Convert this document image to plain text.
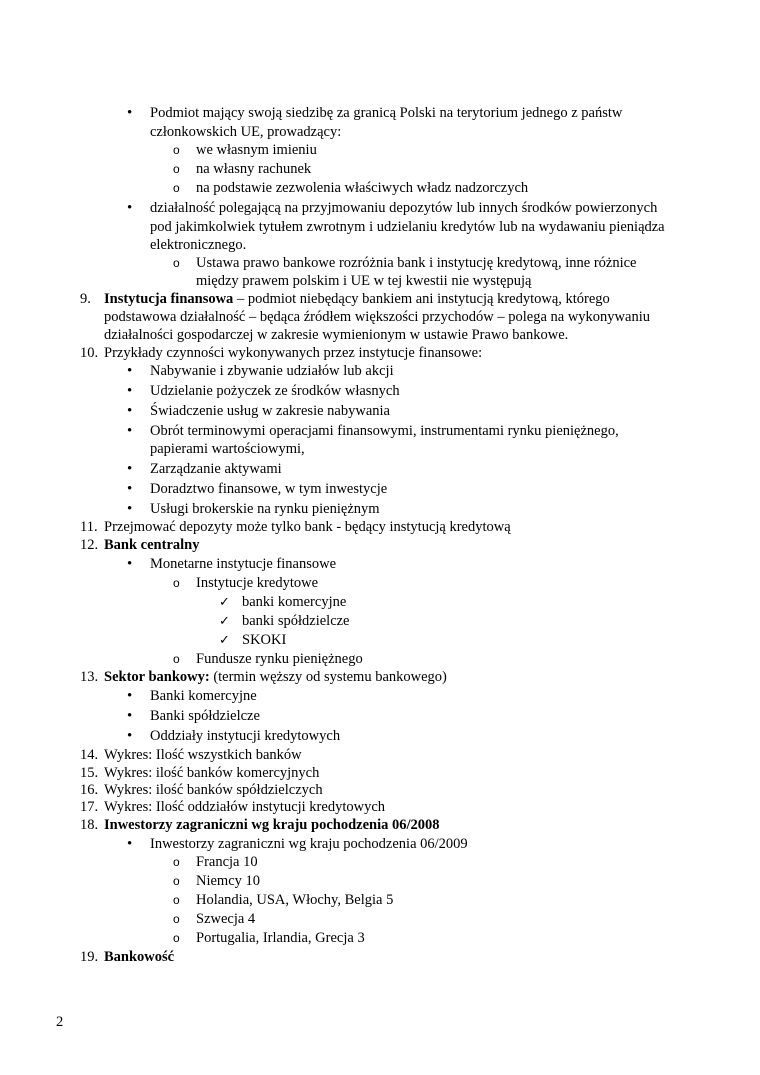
• Podmiot mający swoją siedzibę za granicą Polski na terytorium jednego z państw
członkowskich UE, prowadzący:
o we własnym imieniu
o na własny rachunek
o na podstawie zezwolenia właściwych władz nadzorczych
• działalność polegającą na przyjmowaniu depozytów lub innych środków powierzonych
pod jakimkolwiek tytułem zwrotnym i udzielaniu kredytów lub na wydawaniu pieniądza
elektronicznego.
o Ustawa prawo bankowe rozróżnia bank i instytucję kredytową, inne różnice
między prawem polskim i UE w tej kwestii nie występują
9. Instytucja finansowa – podmiot niebędący bankiem ani instytucją kredytową, którego
podstawowa działalność – będąca źródłem większości przychodów – polega na wykonywaniu
działalności gospodarczej w zakresie wymienionym w ustawie Prawo bankowe.
10. Przykłady czynności wykonywanych przez instytucje finansowe:
• Nabywanie i zbywanie udziałów lub akcji
• Udzielanie pożyczek ze środków własnych
• Świadczenie usług w zakresie nabywania
• Obrót terminowymi operacjami finansowymi, instrumentami rynku pieniężnego,
papierami wartościowymi,
• Zarządzanie aktywami
• Doradztwo finansowe, w tym inwestycje
• Usługi brokerskie na rynku pieniężnym
11. Przejmować depozyty może tylko bank - będący instytucją kredytową
12. Bank centralny
• Monetarne instytucje finansowe
o Instytucje kredytowe
✓ banki komercyjne
✓ banki spółdzielcze
✓ SKOKI
o Fundusze rynku pieniężnego
13. Sektor bankowy: (termin węższy od systemu bankowego)
• Banki komercyjne
• Banki spółdzielcze
• Oddziały instytucji kredytowych
14. Wykres: Ilość wszystkich banków
15. Wykres: ilość banków komercyjnych
16. Wykres: ilość banków spółdzielczych
17. Wykres: Ilość oddziałów instytucji kredytowych
18. Inwestorzy zagraniczni wg kraju pochodzenia 06/2008
• Inwestorzy zagraniczni wg kraju pochodzenia 06/2009
o Francja 10
o Niemcy 10
o Holandia, USA, Włochy, Belgia 5
o Szwecja 4
o Portugalia, Irlandia, Grecja 3
19. Bankowość
2
